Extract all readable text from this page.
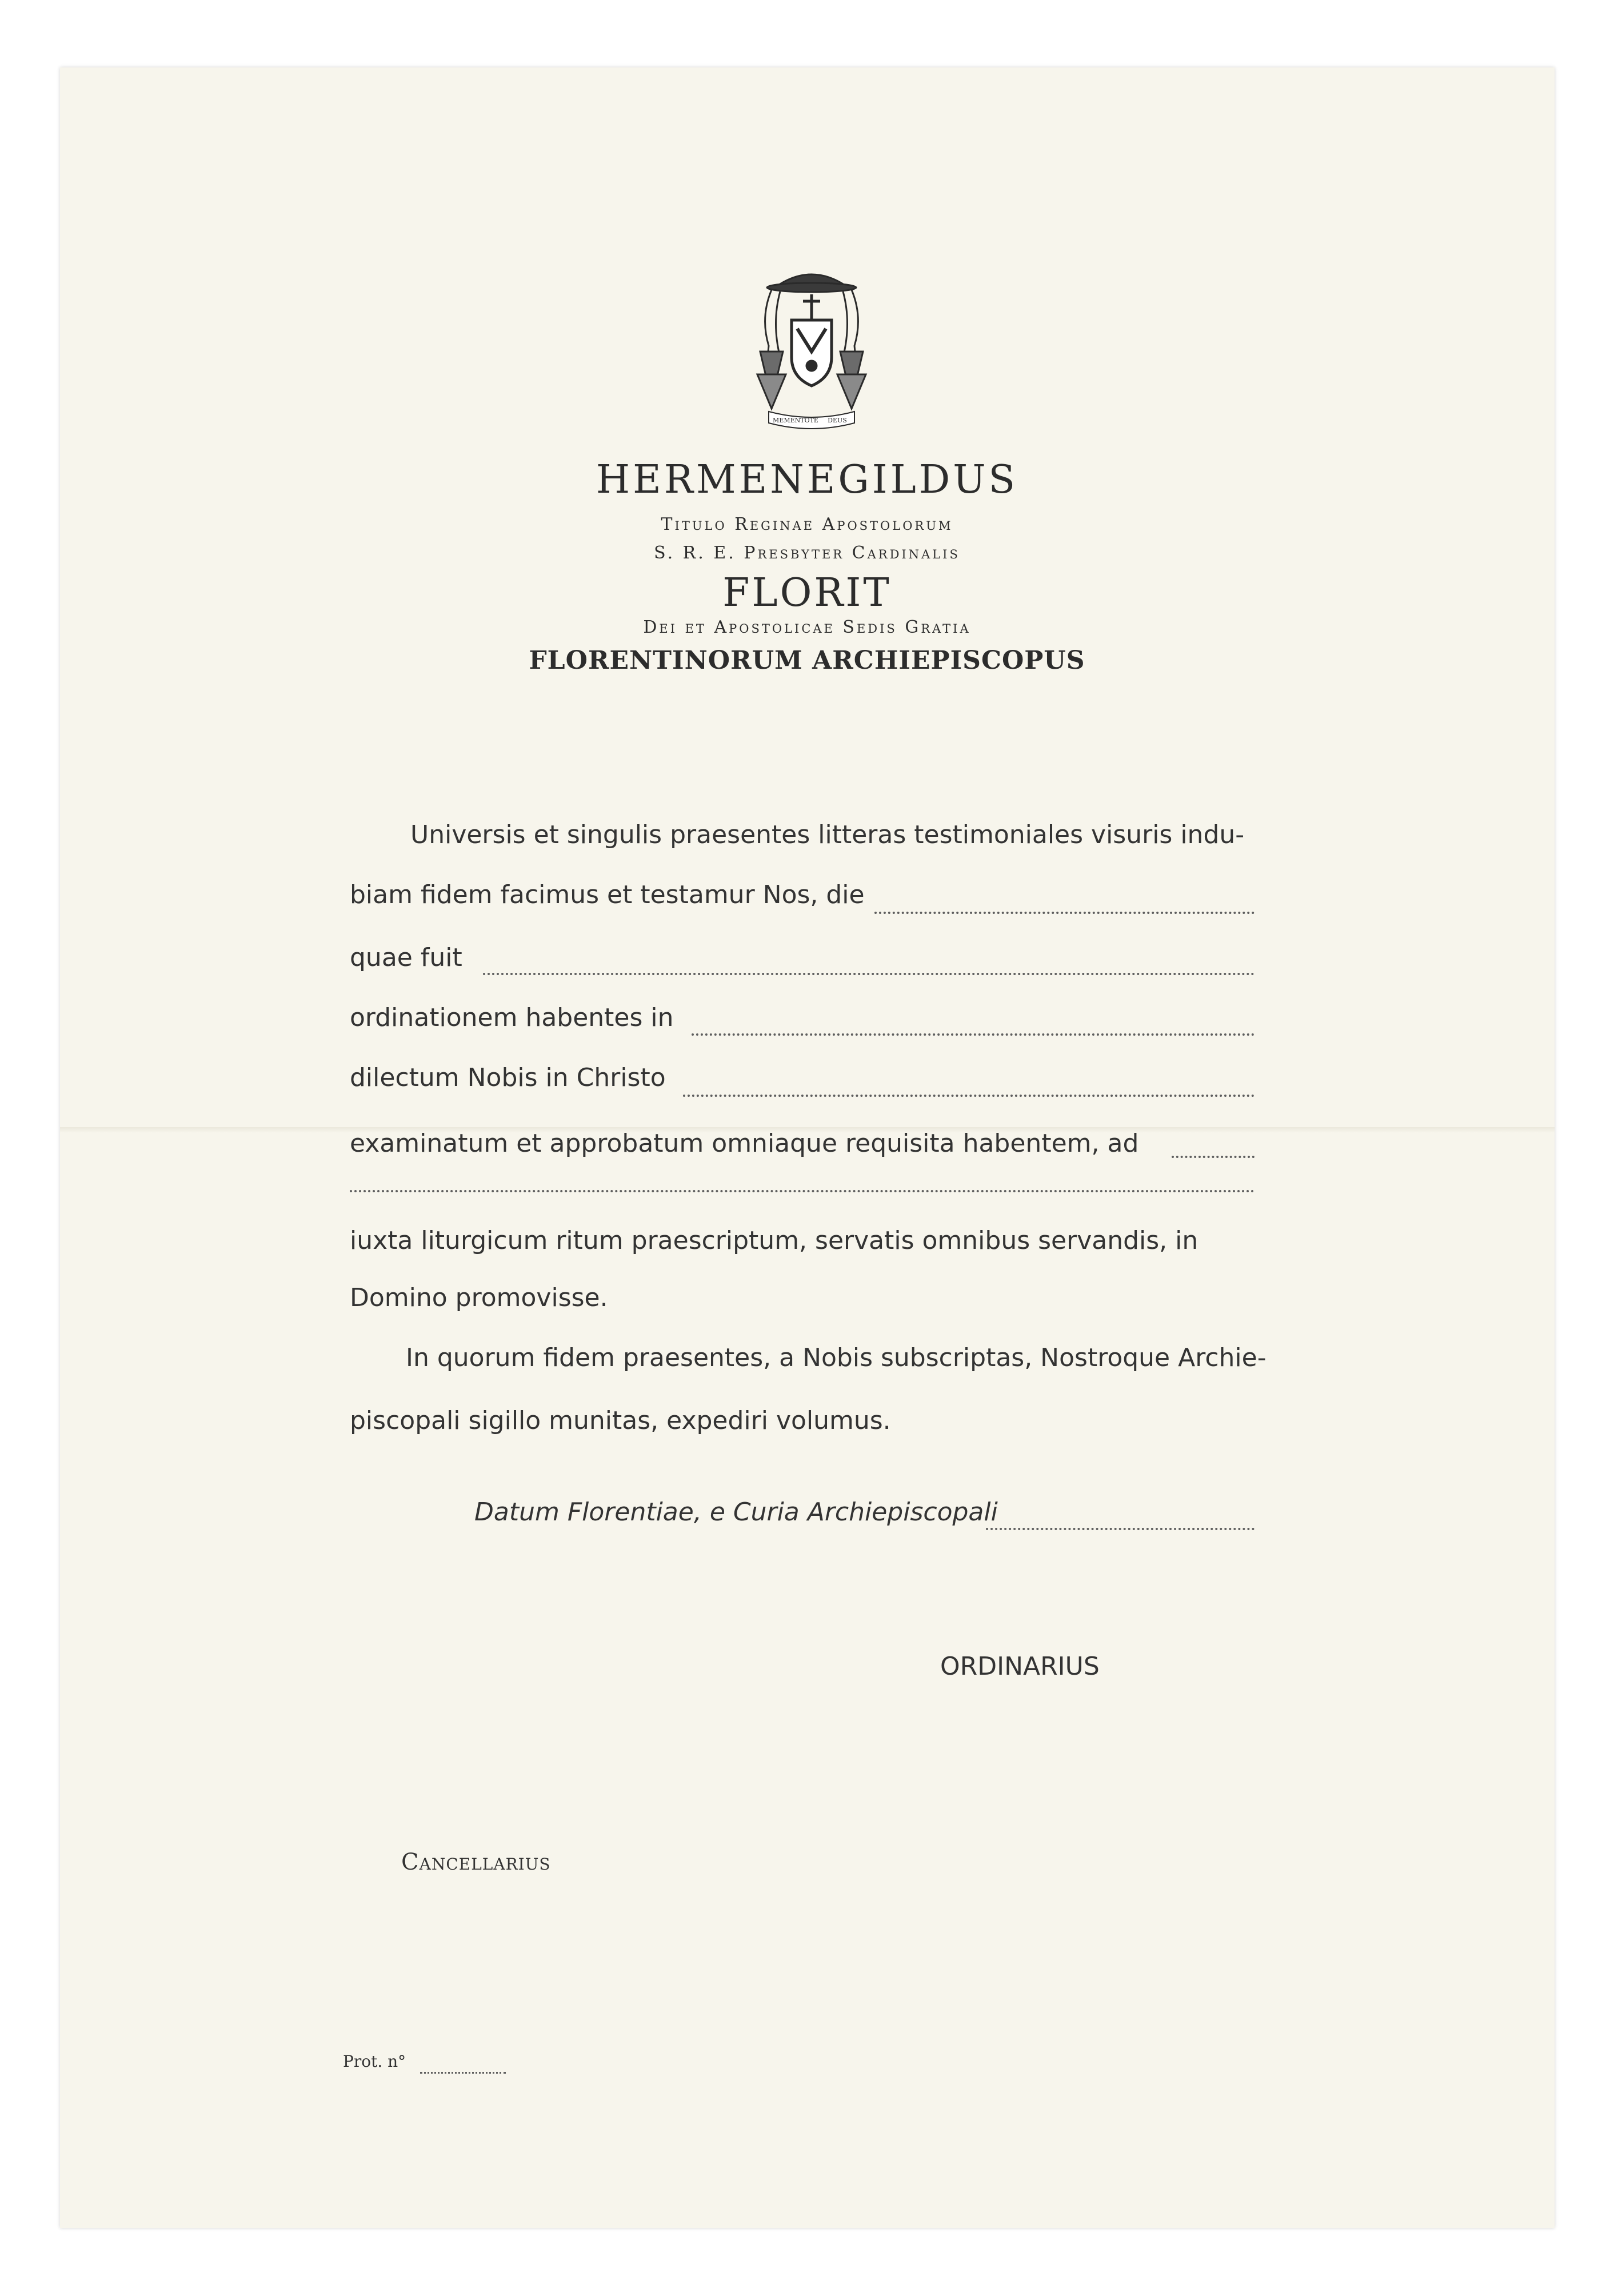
MEMENTOTE DEUS
HERMENEGILDUS
Titulo Reginae Apostolorum
S. R. E. Presbyter Cardinalis
FLORIT
Dei et Apostolicae Sedis Gratia
FLORENTINORUM ARCHIEPISCOPUS
Universis et singulis praesentes litteras testimoniales visuris indu-
biam fidem facimus et testamur Nos, die
quae fuit
ordinationem habentes in
dilectum Nobis in Christo
examinatum et approbatum omniaque requisita habentem, ad
iuxta liturgicum ritum praescriptum, servatis omnibus servandis, in
Domino promovisse.
In quorum fidem praesentes, a Nobis subscriptas, Nostroque Archie-
piscopali sigillo munitas, expediri volumus.
Datum Florentiae, e Curia Archiepiscopali
ORDINARIUS
Cancellarius
Prot. n°
